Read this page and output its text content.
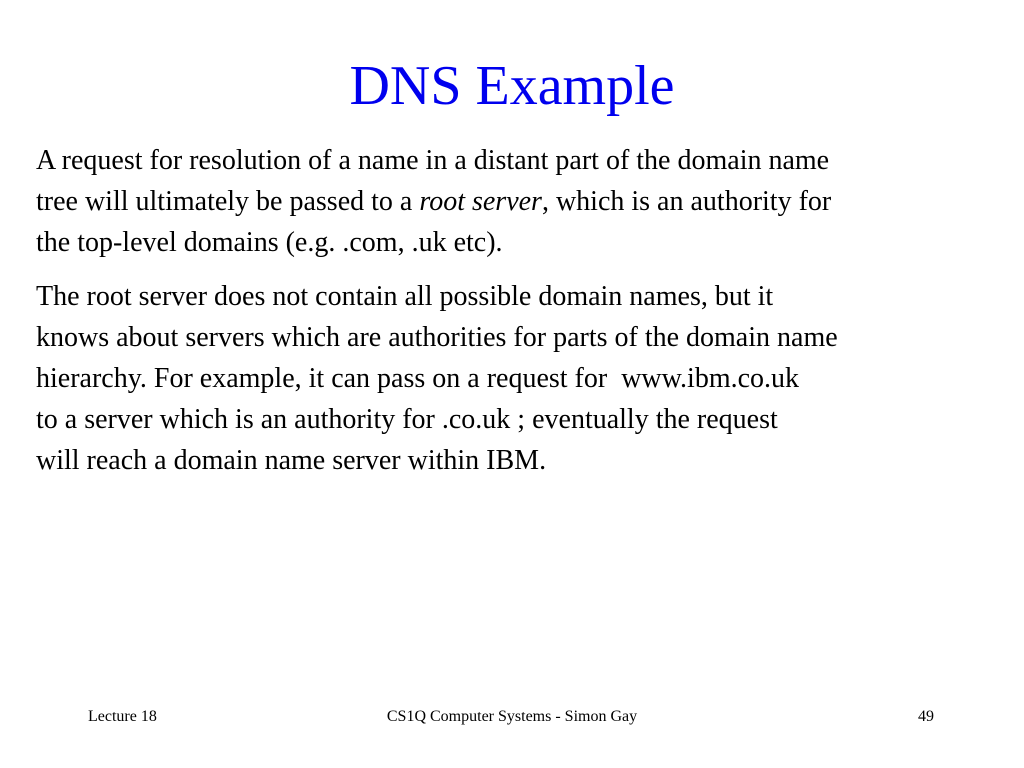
DNS Example
A request for resolution of a name in a distant part of the domain name
tree will ultimately be passed to a root server, which is an authority for
the top-level domains (e.g. .com, .uk etc).
The root server does not contain all possible domain names, but it
knows about servers which are authorities for parts of the domain name
hierarchy. For example, it can pass on a request for  www.ibm.co.uk
to a server which is an authority for .co.uk ; eventually the request
will reach a domain name server within IBM.
Lecture 18	CS1Q Computer Systems - Simon Gay	49
